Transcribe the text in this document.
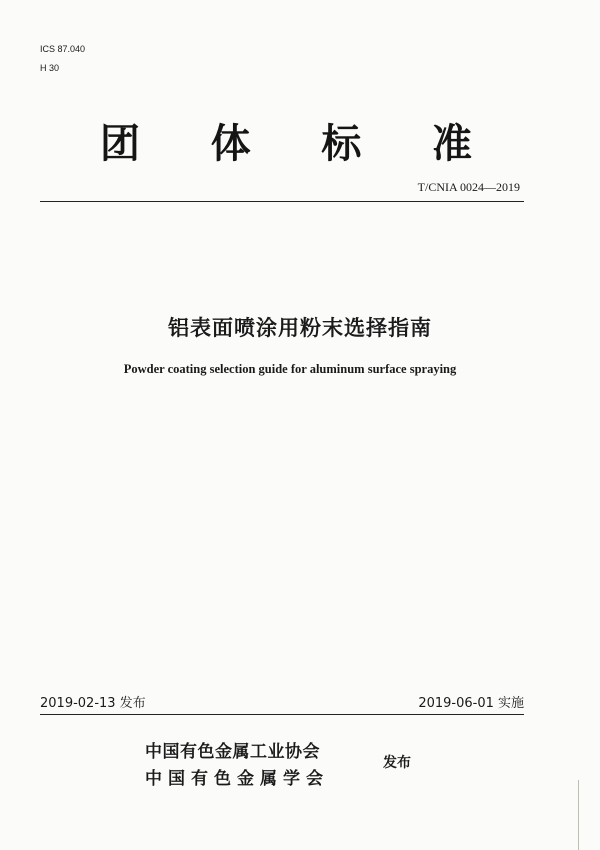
ICS 87.040
H 30
团 体 标 准
T/CNIA 0024—2019
铝表面喷涂用粉末选择指南
Powder coating selection guide for aluminum surface spraying
2019-02-13 发布	2019-06-01 实施
中国有色金属工业协会
中国有色金属学会
发布
